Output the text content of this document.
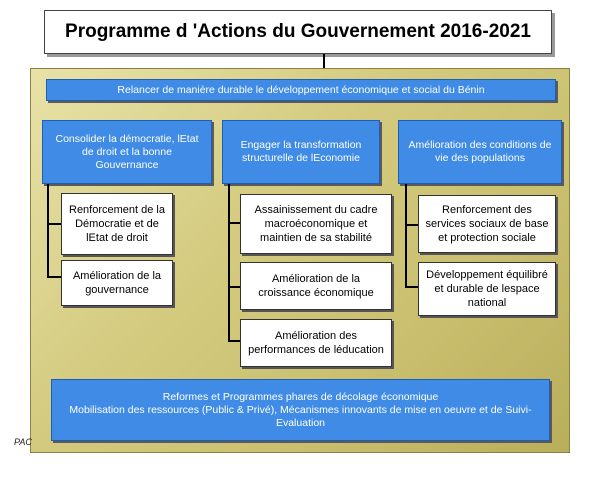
Programme d 'Actions du Gouvernement 2016-2021
Relancer de manière durable le développement économique et social du Bénin
Consolider la démocratie, lEtat de droit et la bonne Gouvernance
Engager la transformation structurelle de lEconomie
Amélioration des conditions de vie des populations
Renforcement de la Démocratie et de lEtat de droit
Amélioration de la gouvernance
Assainissement du cadre macroéconomique et maintien de sa stabilité
Amélioration de la croissance économique
Amélioration des performances de léducation
Renforcement des services sociaux de base et protection sociale
Développement équilibré et durable de lespace national
Reformes et Programmes phares de décolage économique
Mobilisation des ressources (Public & Privé), Mécanismes innovants de mise en oeuvre et de Suivi-Evaluation
PAC
